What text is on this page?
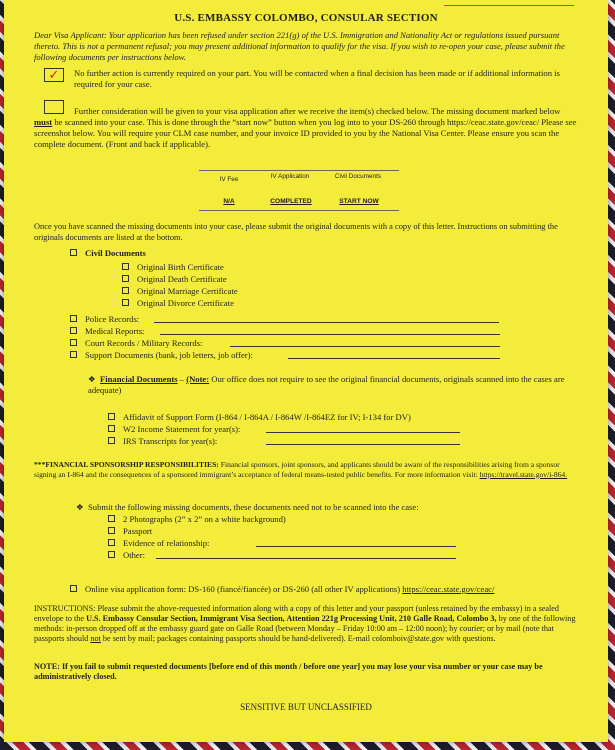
U.S. EMBASSY COLOMBO, CONSULAR SECTION
Dear Visa Applicant: Your application has been refused under section 221(g) of the U.S. Immigration and Nationality Act or regulations issued pursuant thereto. This is not a permanent refusal; you may present additional information to qualify for the visa. If you wish to re-open your case, please submit the following documents per instructions below.
✓	No further action is currently required on your part. You will be contacted when a final decision has been made or if additional information is required for your case.
Further consideration will be given to your visa application after we receive the item(s) checked below. The missing document marked below must be scanned into your case. This is done through the “start now” button when you log into to your DS-260 through https://ceac.state.gov/ceac/ Please see screenshot below. You will require your CLM case number, and your invoice ID provided to you by the National Visa Center. Please ensure you scan the complete document. (Front and back if applicable).
IV Fee	IV Application	Civil Documents
N/A	COMPLETED	START NOW
Once you have scanned the missing documents into your case, please submit the original documents with a copy of this letter. Instructions on submitting the originals documents are listed at the bottom.
Civil Documents
Original Birth Certificate
Original Death Certificate
Original Marriage Certificate
Original Divorce Certificate
Police Records:
Medical Reports:
Court Records / Military Records:
Support Documents (bank, job letters, job offer):
❖ Financial Documents – (Note: Our office does not require to see the original financial documents, originals scanned into the cases are adequate)
Affidavit of Support Form (I-864 / I-864A / I-864W /I-864EZ for IV; I-134 for DV)
W2 Income Statement for year(s):
IRS Transcripts for year(s):
***FINANCIAL SPONSORSHIP RESPONSIBILITIES: Financial sponsors, joint sponsors, and applicants should be aware of the responsibilities arising from a sponsor signing an I-864 and the consequences of a sponsored immigrant’s acceptance of federal means-tested public benefits. For more information visit: https://travel.state.gov/i-864.
❖ Submit the following missing documents, these documents need not to be scanned into the case:
2 Photographs (2” x 2” on a white background)
Passport
Evidence of relationship:
Other:
Online visa application form: DS-160 (fiancé/fiancée) or DS-260 (all other IV applications) https://ceac.state.gov/ceac/
INSTRUCTIONS: Please submit the above-requested information along with a copy of this letter and your passport (unless retained by the embassy) in a sealed envelope to the U.S. Embassy Consular Section, Immigrant Visa Section, Attention 221g Processing Unit, 210 Galle Road, Colombo 3, by one of the following methods: in-person dropped off at the embassy guard gate on Galle Road (between Monday – Friday 10:00 am – 12:00 noon); by courier; or by mail (note that passports should not be sent by mail; packages containing passports should be hand-delivered). E-mail colomboiv@state.gov with questions.
NOTE: If you fail to submit requested documents [before end of this month / before one year] you may lose your visa number or your case may be administratively closed.
SENSITIVE BUT UNCLASSIFIED
